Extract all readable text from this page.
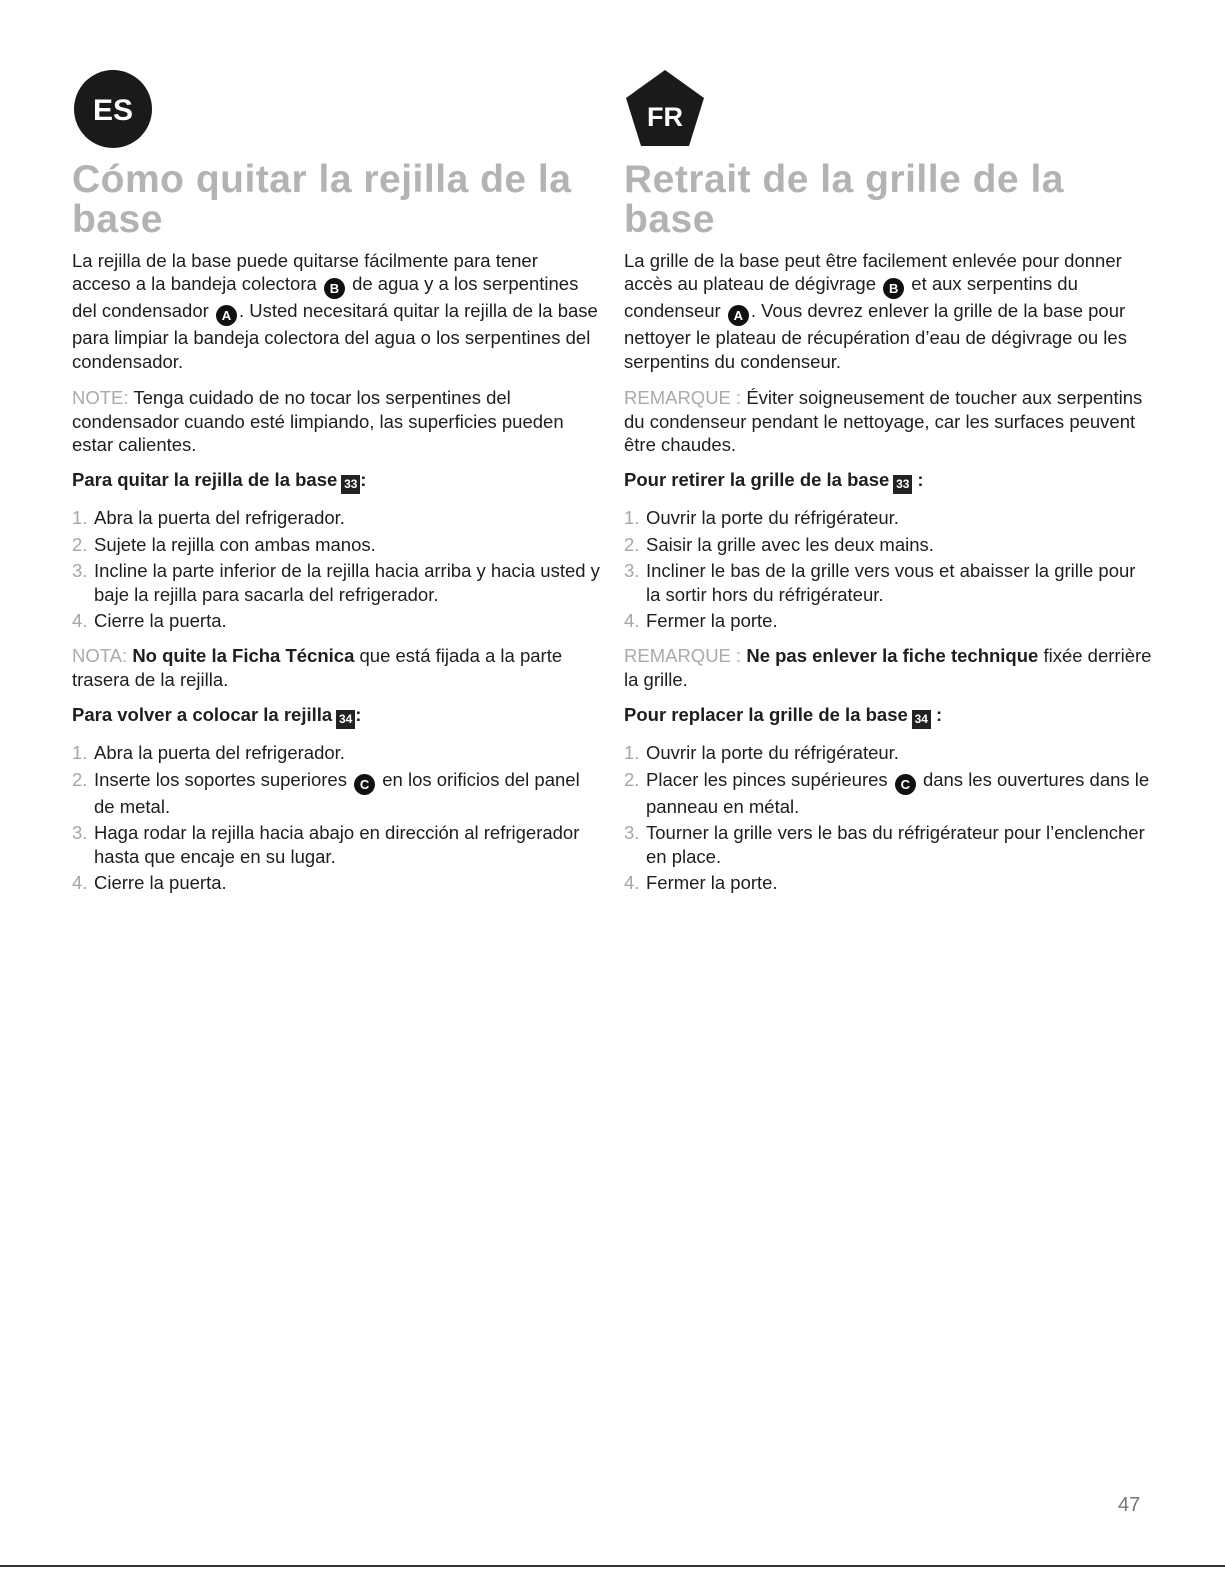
ES
Cómo quitar la rejilla de la base

La rejilla de la base puede quitarse fácilmente para tener acceso a la bandeja colectora B de agua y a los serpentines del condensador A . Usted necesitará quitar la rejilla de la base para limpiar la bandeja colectora del agua o los serpentines del condensador.

NOTE: Tenga cuidado de no tocar los serpentines del condensador cuando esté limpiando, las superficies pueden estar calientes.

Para quitar la rejilla de la base 33 :

1. Abra la puerta del refrigerador.
2. Sujete la rejilla con ambas manos.
3. Incline la parte inferior de la rejilla hacia arriba y hacia usted y baje la rejilla para sacarla del refrigerador.
4. Cierre la puerta.

NOTA: No quite la Ficha Técnica que está fijada a la parte trasera de la rejilla.

Para volver a colocar la rejilla 34 :

1. Abra la puerta del refrigerador.
2. Inserte los soportes superiores C en los orificios del panel de metal.
3. Haga rodar la rejilla hacia abajo en dirección al refrigerador hasta que encaje en su lugar.
4. Cierre la puerta.
FR
Retrait de la grille de la base

La grille de la base peut être facilement enlevée pour donner accès au plateau de dégivrage B et aux serpentins du condenseur A . Vous devrez enlever la grille de la base pour nettoyer le plateau de récupération d’eau de dégivrage ou les serpentins du condenseur.

REMARQUE : Éviter soigneusement de toucher aux serpentins du condenseur pendant le nettoyage, car les surfaces peuvent être chaudes.

Pour retirer la grille de la base 33 :

1. Ouvrir la porte du réfrigérateur.
2. Saisir la grille avec les deux mains.
3. Incliner le bas de la grille vers vous et abaisser la grille pour la sortir hors du réfrigérateur.
4. Fermer la porte.

REMARQUE : Ne pas enlever la fiche technique fixée derrière la grille.

Pour replacer la grille de la base 34 :

1. Ouvrir la porte du réfrigérateur.
2. Placer les pinces supérieures C dans les ouvertures dans le panneau en métal.
3. Tourner la grille vers le bas du réfrigérateur pour l’enclencher en place.
4. Fermer la porte.
47
